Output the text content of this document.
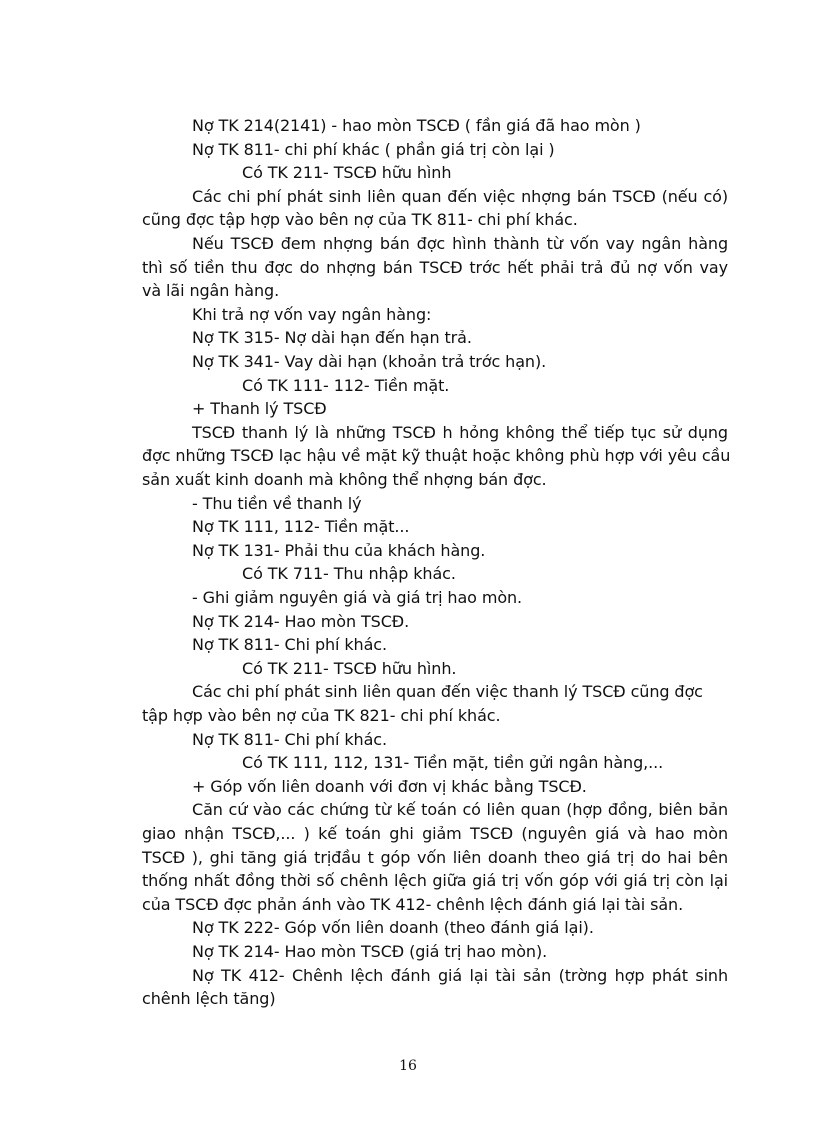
Nợ TK 214(2141) - hao mòn TSCĐ ( fần giá đã hao mòn )
Nợ TK 811- chi phí khác ( phần giá trị còn lại )
Có TK 211- TSCĐ hữu hình
Các chi phí phát sinh liên quan đến việc nhợng bán TSCĐ (nếu có)
cũng đợc tập hợp vào bên nợ của TK 811- chi phí khác.
Nếu TSCĐ đem nhợng bán đợc hình thành từ vốn vay ngân hàng
thì số tiền thu đợc do nhợng bán TSCĐ trớc hết phải trả đủ nợ vốn vay
và lãi ngân hàng.
Khi trả nợ vốn vay ngân hàng:
Nợ TK 315- Nợ dài hạn đến hạn trả.
Nợ TK 341- Vay dài hạn (khoản trả trớc hạn).
Có TK 111- 112- Tiền mặt.
+ Thanh lý TSCĐ
TSCĐ thanh lý là những TSCĐ h hỏng không thể tiếp tục sử dụng
đợc những TSCĐ lạc hậu về mặt kỹ thuật hoặc không phù hợp với yêu cầu
sản xuất kinh doanh mà không thể nhợng bán đợc.
- Thu tiền về thanh lý
Nợ TK 111, 112- Tiền mặt...
Nợ TK 131- Phải thu của khách hàng.
Có TK 711- Thu nhập khác.
- Ghi giảm nguyên giá và giá trị hao mòn.
Nợ TK 214- Hao mòn TSCĐ.
Nợ TK 811- Chi phí khác.
Có TK 211- TSCĐ hữu hình.
Các chi phí phát sinh liên quan đến việc thanh lý TSCĐ cũng đợc
tập hợp vào bên nợ của TK 821- chi phí khác.
Nợ TK 811- Chi phí khác.
Có TK 111, 112, 131- Tiền mặt, tiền gửi ngân hàng,...
+ Góp vốn liên doanh với đơn vị khác bằng TSCĐ.
Căn cứ vào các chứng từ kế toán có liên quan (hợp đồng, biên bản
giao nhận TSCĐ,... ) kế toán ghi giảm TSCĐ (nguyên giá và hao mòn
TSCĐ ), ghi tăng giá trịđầu t góp vốn liên doanh theo giá trị do hai bên
thống nhất đồng thời số chênh lệch giữa giá trị vốn góp với giá trị còn lại
của TSCĐ đợc phản ánh vào TK 412- chênh lệch đánh giá lại tài sản.
Nợ TK 222- Góp vốn liên doanh (theo đánh giá lại).
Nợ TK 214- Hao mòn TSCĐ (giá trị hao mòn).
Nợ TK 412- Chênh lệch đánh giá lại tài sản (trờng hợp phát sinh
chênh lệch tăng)
16
